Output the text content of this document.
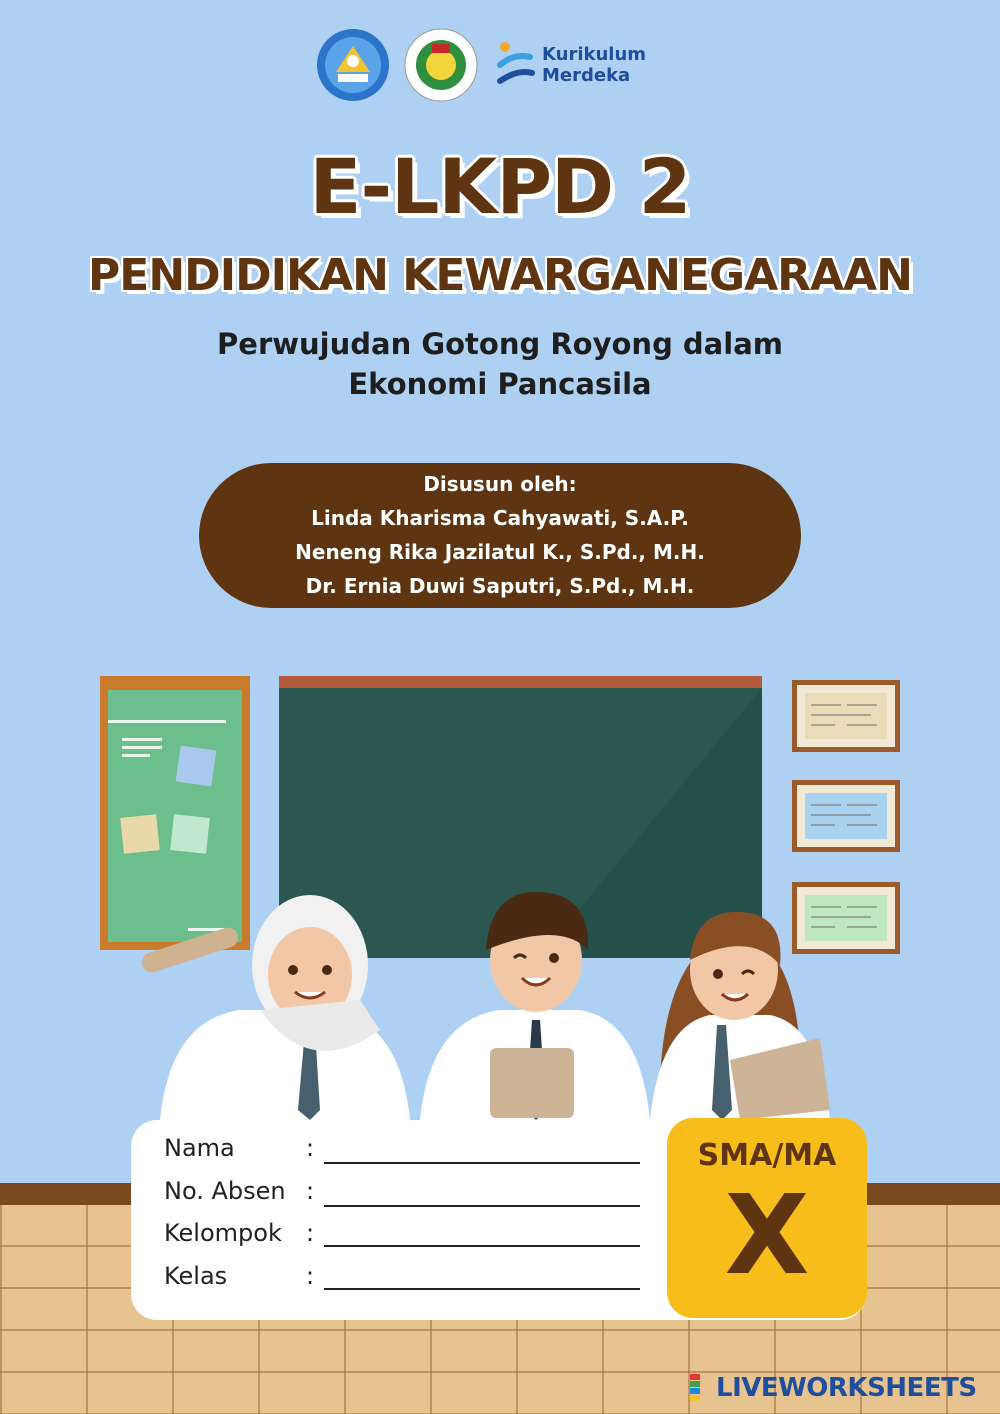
Kurikulum
Merdeka
E-LKPD 2
PENDIDIKAN KEWARGANEGARAAN
Perwujudan Gotong Royong dalam
Ekonomi Pancasila
Disusun oleh:
Linda Kharisma Cahyawati, S.A.P.
Neneng Rika Jazilatul K., S.Pd., M.H.
Dr. Ernia Duwi Saputri, S.Pd., M.H.
Nama	:
No. Absen :
Kelompok	:
Kelas	:
SMA/MA
X
LIVEWORKSHEETS
